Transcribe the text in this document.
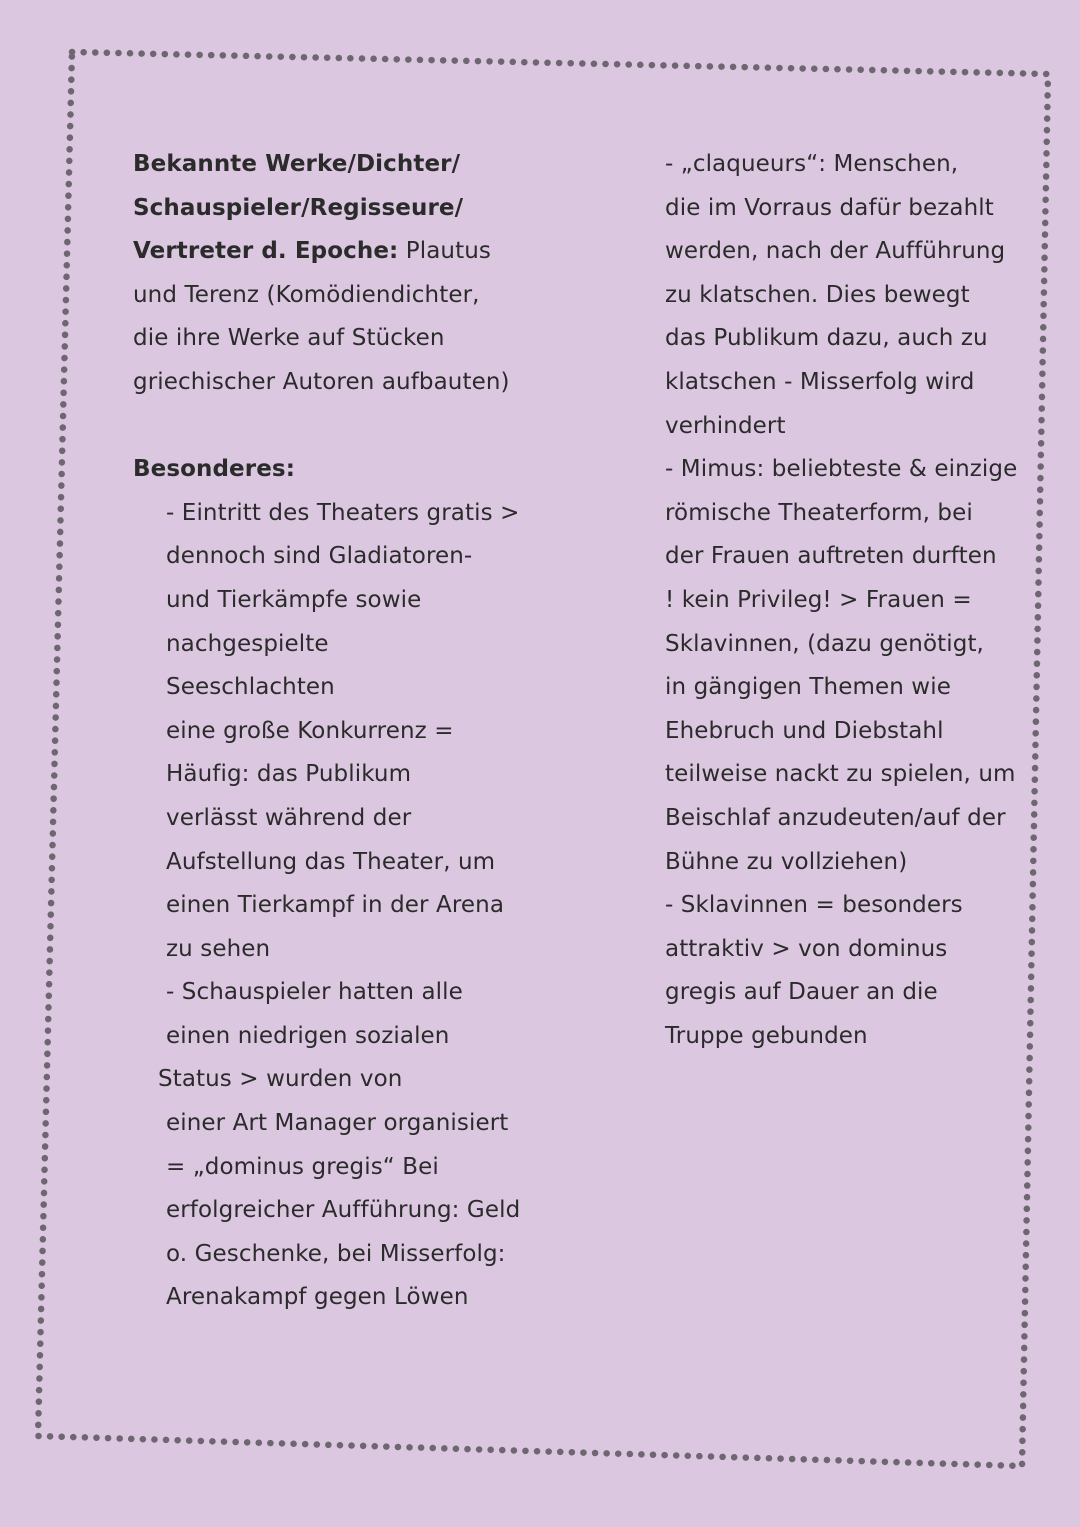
Bekannte Werke/Dichter/

Schauspieler/Regisseure/

Vertreter d. Epoche: Plautus

und Terenz (Komödiendichter,

die ihre Werke auf Stücken

griechischer Autoren aufbauten)

Besonderes:

- Eintritt des Theaters gratis >

dennoch sind Gladiatoren-

und Tierkämpfe sowie

nachgespielte

Seeschlachten

eine große Konkurrenz =

Häufig: das Publikum

verlässt während der

Aufstellung das Theater, um

einen Tierkampf in der Arena

zu sehen

- Schauspieler hatten alle

einen niedrigen sozialen

Status > wurden von

einer Art Manager organisiert

= „dominus gregis“ Bei

erfolgreicher Aufführung: Geld

o. Geschenke, bei Misserfolg:

Arenakampf gegen Löwen

- „claqueurs“: Menschen,

die im Vorraus dafür bezahlt

werden, nach der Aufführung

zu klatschen. Dies bewegt

das Publikum dazu, auch zu

klatschen - Misserfolg wird

verhindert

- Mimus: beliebteste & einzige

römische Theaterform, bei

der Frauen auftreten durften

! kein Privileg! > Frauen =

Sklavinnen, (dazu genötigt,

in gängigen Themen wie

Ehebruch und Diebstahl

teilweise nackt zu spielen, um

Beischlaf anzudeuten/auf der

Bühne zu vollziehen)

- Sklavinnen = besonders

attraktiv > von dominus

gregis auf Dauer an die

Truppe gebunden
